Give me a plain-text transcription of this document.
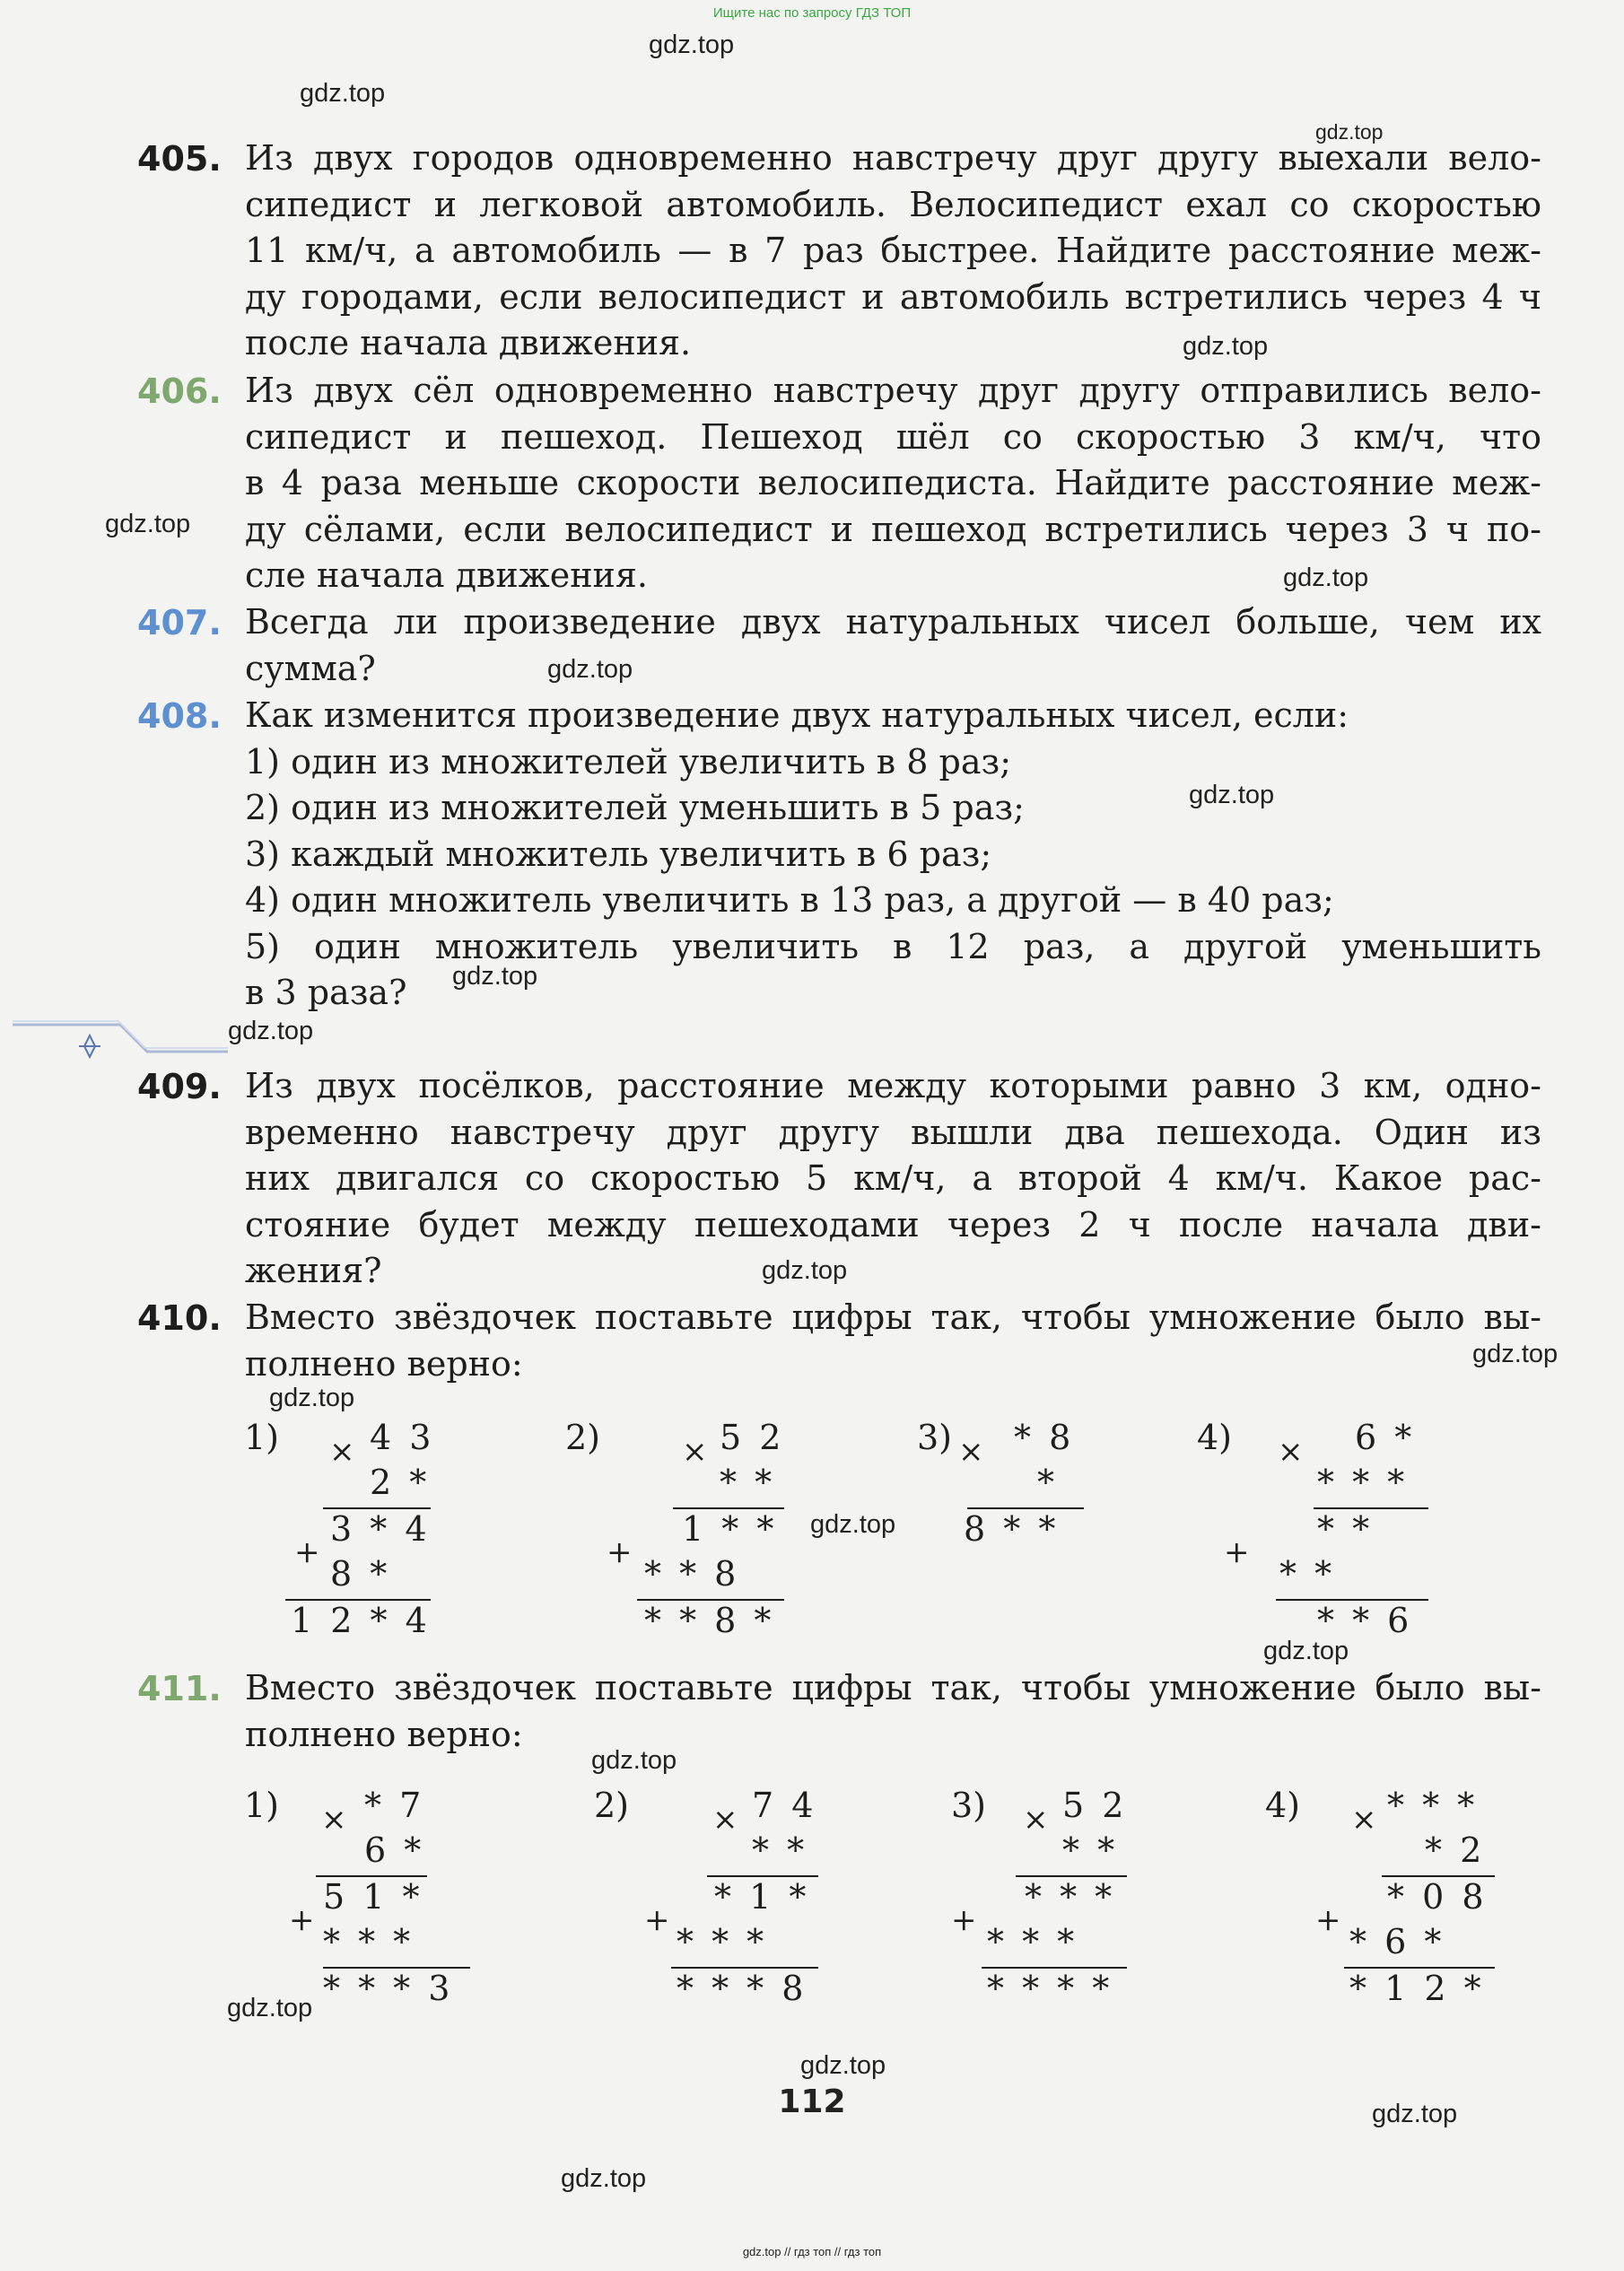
Ищите нас по запросу ГДЗ ТОП
gdz.top
gdz.top
gdz.top
gdz.top
gdz.top
gdz.top
gdz.top
gdz.top
gdz.top
gdz.top
gdz.top
gdz.top
gdz.top
gdz.top
gdz.top
gdz.top
gdz.top
gdz.top
gdz.top
gdz.top
405. Из двух городов одновременно навстречу друг другу выехали вело-
сипедист и легковой автомобиль. Велосипедист ехал со скоростью
11 км/ч, а автомобиль — в 7 раз быстрее. Найдите расстояние меж-
ду городами, если велосипедист и автомобиль встретились через 4 ч
после начала движения.
406. Из двух сёл одновременно навстречу друг другу отправились вело-
сипедист и пешеход. Пешеход шёл со скоростью 3 км/ч, что
в 4 раза меньше скорости велосипедиста. Найдите расстояние меж-
ду сёлами, если велосипедист и пешеход встретились через 3 ч по-
сле начала движения.
407. Всегда ли произведение двух натуральных чисел больше, чем их
сумма?
408. Как изменится произведение двух натуральных чисел, если:
1) один из множителей увеличить в 8 раз;
2) один из множителей уменьшить в 5 раз;
3) каждый множитель увеличить в 6 раз;
4) один множитель увеличить в 13 раз, а другой — в 40 раз;
5) один множитель увеличить в 12 раз, а другой уменьшить
в 3 раза?
409. Из двух посёлков, расстояние между которыми равно 3 км, одно-
временно навстречу друг другу вышли два пешехода. Один из
них двигался со скоростью 5 км/ч, а второй 4 км/ч. Какое рас-
стояние будет между пешеходами через 2 ч после начала дви-
жения?
410. Вместо звёздочек поставьте цифры так, чтобы умножение было вы-
полнено верно:
1) × 4 3
2 *
3 * 4
+
8 *
1 2 * 4
2)	× 5 2
* *
1 * *
+
* * 8
* * 8 *
3) × * 8
*
8 * *
4) × 6 *
* * *
* *
+
* *
* * 6
411. Вместо звёздочек поставьте цифры так, чтобы умножение было вы-
полнено верно:
1) × * 7
6 *
5 1 *
+
* * *
* * * 3
2)	× 7 4
* *
* 1 *
+
* * *
* * * 8
3) × 5 2
* *
* * *
+
* * *
* * * *
4) × * * *
* 2
* 0 8
+
* 6 *
* 1 2 *
112
gdz.top // гдз топ // гдз топ
